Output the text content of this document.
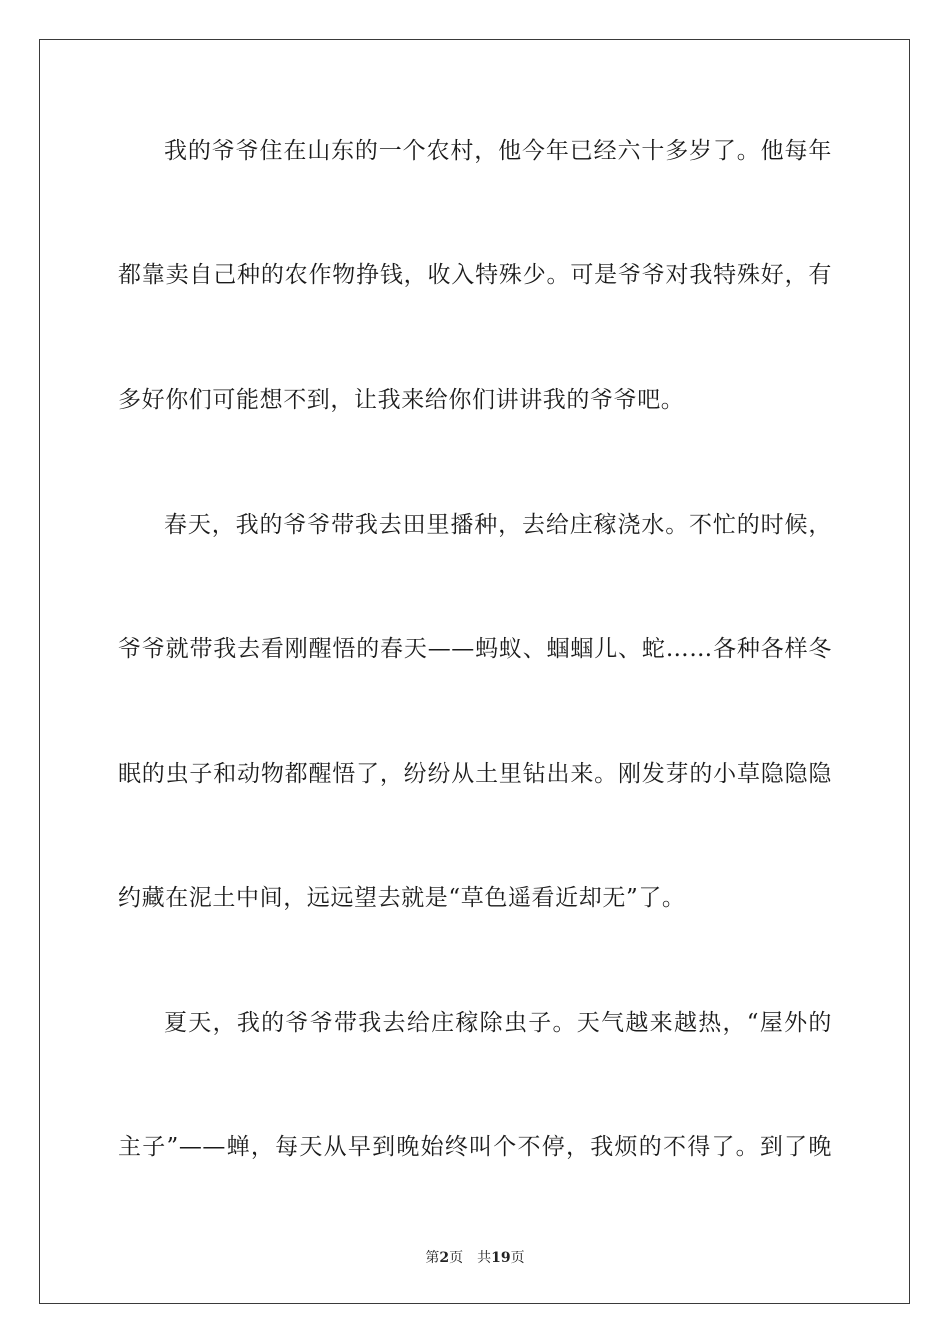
我的爷爷住在山东的一个农村，他今年已经六十多岁了。他每年
都靠卖自己种的农作物挣钱，收入特殊少。可是爷爷对我特殊好，有
多好你们可能想不到，让我来给你们讲讲我的爷爷吧。
春天，我的爷爷带我去田里播种，去给庄稼浇水。不忙的时候，
爷爷就带我去看刚醒悟的春天——蚂蚁、蝈蝈儿、蛇……各种各样冬
眠的虫子和动物都醒悟了，纷纷从土里钻出来。刚发芽的小草隐隐隐
约藏在泥土中间，远远望去就是“草色遥看近却无”了。
夏天，我的爷爷带我去给庄稼除虫子。天气越来越热，“屋外的
主子”——蝉，每天从早到晚始终叫个不停，我烦的不得了。到了晚
第2页 共19页
